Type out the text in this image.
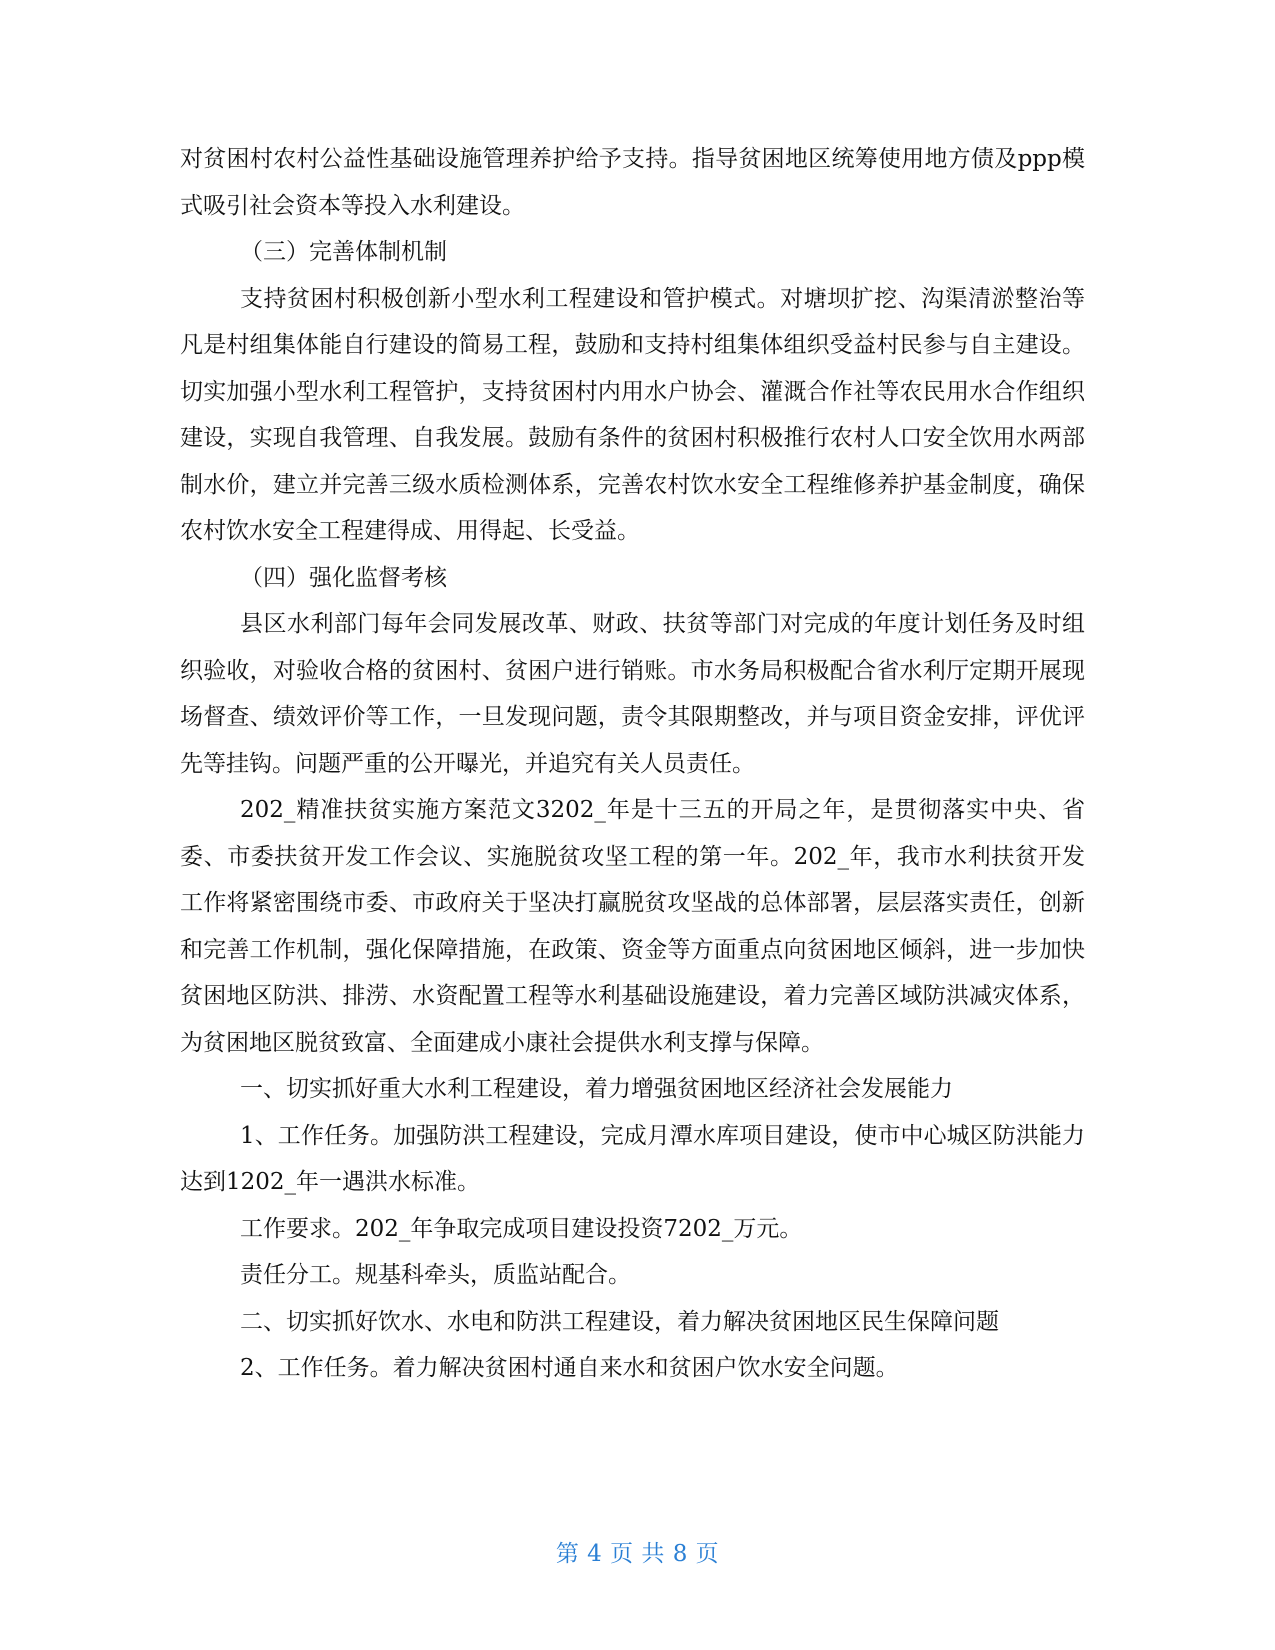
对贫困村农村公益性基础设施管理养护给予支持。指导贫困地区统筹使用地方债及ppp模式吸引社会资本等投入水利建设。

（三）完善体制机制

支持贫困村积极创新小型水利工程建设和管护模式。对塘坝扩挖、沟渠清淤整治等凡是村组集体能自行建设的简易工程，鼓励和支持村组集体组织受益村民参与自主建设。切实加强小型水利工程管护，支持贫困村内用水户协会、灌溉合作社等农民用水合作组织建设，实现自我管理、自我发展。鼓励有条件的贫困村积极推行农村人口安全饮用水两部制水价，建立并完善三级水质检测体系，完善农村饮水安全工程维修养护基金制度，确保农村饮水安全工程建得成、用得起、长受益。

（四）强化监督考核

县区水利部门每年会同发展改革、财政、扶贫等部门对完成的年度计划任务及时组织验收，对验收合格的贫困村、贫困户进行销账。市水务局积极配合省水利厅定期开展现场督查、绩效评价等工作，一旦发现问题，责令其限期整改，并与项目资金安排，评优评先等挂钩。问题严重的公开曝光，并追究有关人员责任。

202_精准扶贫实施方案范文3202_年是十三五的开局之年，是贯彻落实中央、省委、市委扶贫开发工作会议、实施脱贫攻坚工程的第一年。202_年，我市水利扶贫开发工作将紧密围绕市委、市政府关于坚决打赢脱贫攻坚战的总体部署，层层落实责任，创新和完善工作机制，强化保障措施，在政策、资金等方面重点向贫困地区倾斜，进一步加快贫困地区防洪、排涝、水资配置工程等水利基础设施建设，着力完善区域防洪减灾体系，为贫困地区脱贫致富、全面建成小康社会提供水利支撑与保障。

一、切实抓好重大水利工程建设，着力增强贫困地区经济社会发展能力

1、工作任务。加强防洪工程建设，完成月潭水库项目建设，使市中心城区防洪能力达到1202_年一遇洪水标准。

工作要求。202_年争取完成项目建设投资7202_万元。

责任分工。规基科牵头，质监站配合。

二、切实抓好饮水、水电和防洪工程建设，着力解决贫困地区民生保障问题

2、工作任务。着力解决贫困村通自来水和贫困户饮水安全问题。

第 4 页 共 8 页
